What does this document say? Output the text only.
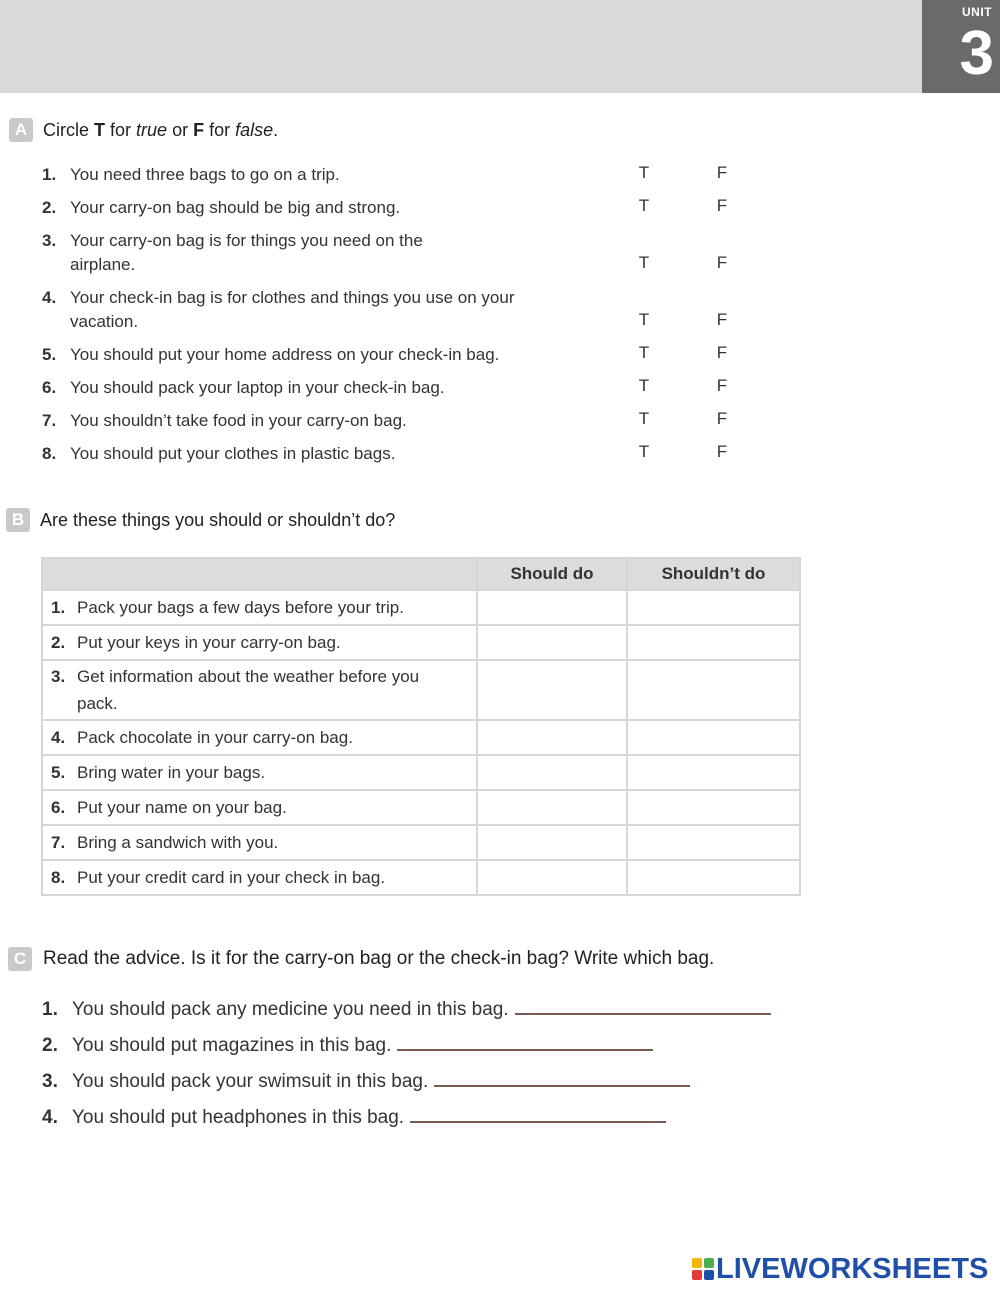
UNIT
3
A Circle T for true or F for false.
1. You need three bags to go on a trip.	T	F
2. Your carry-on bag should be big and strong.	T	F
3. Your carry-on bag is for things you need on the airplane.	T	F
4. Your check-in bag is for clothes and things you use on your vacation.	T	F
5. You should put your home address on your check-in bag.	T	F
6. You should pack your laptop in your check-in bag.	T	F
7. You shouldn’t take food in your carry-on bag.	T	F
8. You should put your clothes in plastic bags.	T	F
B Are these things you should or shouldn’t do?
	Should do	Shouldn’t do
1. Pack your bags a few days before your trip.		
2. Put your keys in your carry-on bag.		
3. Get information about the weather before you pack.		
4. Pack chocolate in your carry-on bag.		
5. Bring water in your bags.		
6. Put your name on your bag.		
7. Bring a sandwich with you.		
8. Put your credit card in your check in bag.		
C Read the advice. Is it for the carry-on bag or the check-in bag? Write which bag.
1. You should pack any medicine you need in this bag.
2. You should put magazines in this bag.
3. You should pack your swimsuit in this bag.
4. You should put headphones in this bag.
LIVEWORKSHEETS
